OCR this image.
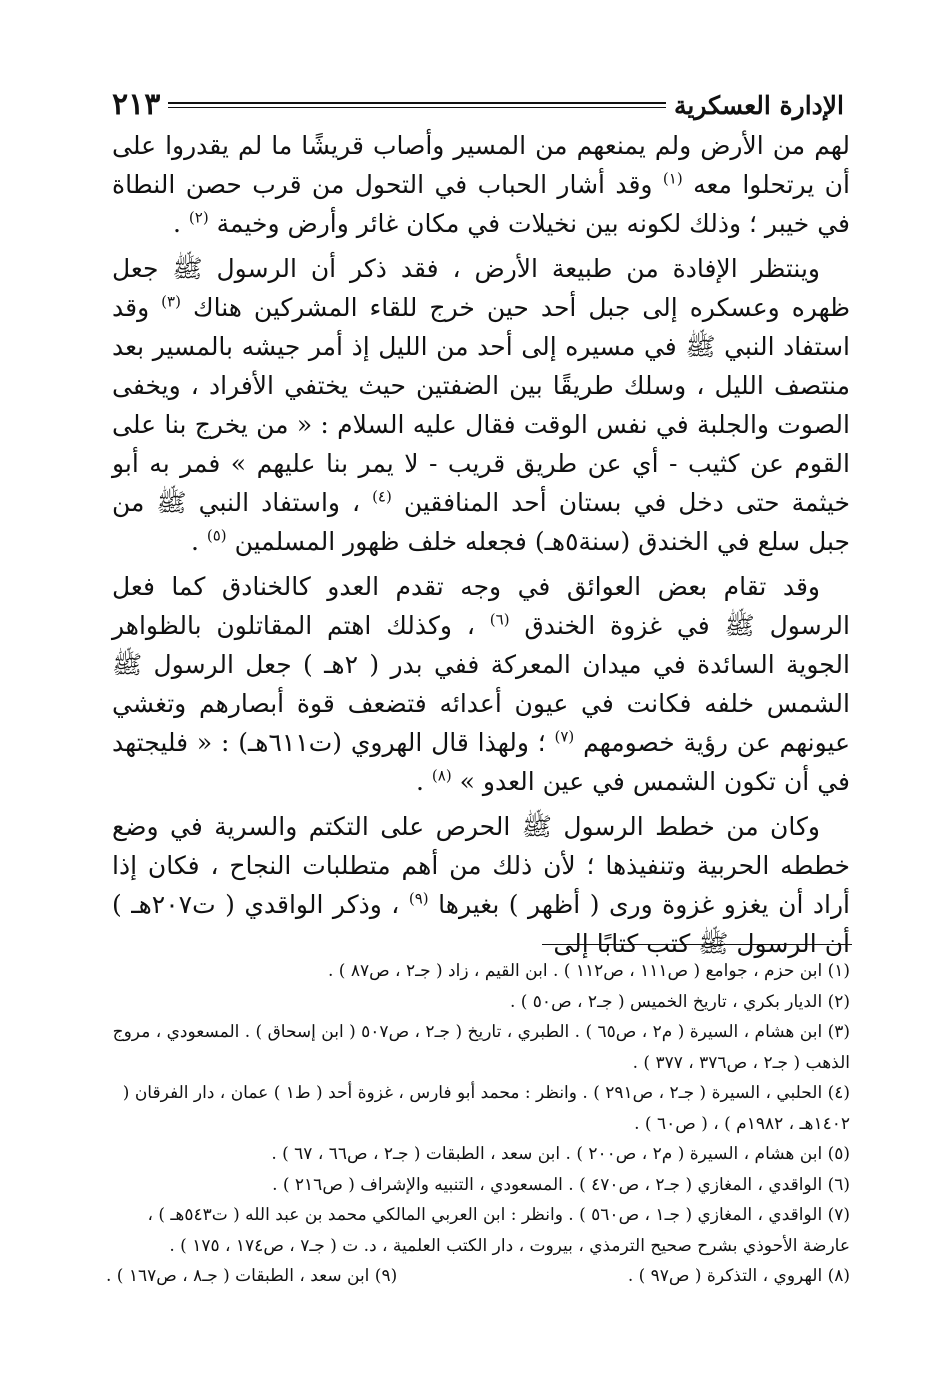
الإدارة العسكرية
٢١٣

لهم من الأرض ولم يمنعهم من المسير وأصاب قريشًا ما لم يقدروا على أن يرتحلوا معه $^{(١)}$ وقد أشار الحباب في التحول من قرب حصن النطاة في خيبر ؛ وذلك لكونه بين نخيلات في مكان غائر وأرض وخيمة $^{(٢)}$ .

وينتظر الإفادة من طبيعة الأرض ، فقد ذكر أن الرسول ﷺ جعل ظهره وعسكره إلى جبل أحد حين خرج للقاء المشركين هناك $^{(٣)}$ وقد استفاد النبي ﷺ في مسيره إلى أحد من الليل إذ أمر جيشه بالمسير بعد منتصف الليل ، وسلك طريقًا بين الضفتين حيث يختفي الأفراد ، ويخفى الصوت والجلبة في نفس الوقت فقال عليه السلام : « من يخرج بنا على القوم عن كثيب - أي عن طريق قريب - لا يمر بنا عليهم » فمر به أبو خيثمة حتى دخل في بستان أحد المنافقين $^{(٤)}$ ، واستفاد النبي ﷺ من جبل سلع في الخندق (سنة٥هـ) فجعله خلف ظهور المسلمين $^{(٥)}$ .

وقد تقام بعض العوائق في وجه تقدم العدو كالخنادق كما فعل الرسول ﷺ في غزوة الخندق $^{(٦)}$ ، وكذلك اهتم المقاتلون بالظواهر الجوية السائدة في ميدان المعركة ففي بدر ( ٢هـ ) جعل الرسول ﷺ الشمس خلفه فكانت في عيون أعدائه فتضعف قوة أبصارهم وتغشي عيونهم عن رؤية خصومهم $^{(٧)}$ ؛ ولهذا قال الهروي (ت٦١١هـ) : « فليجتهد في أن تكون الشمس في عين العدو » $^{(٨)}$ .

وكان من خطط الرسول ﷺ الحرص على التكتم والسرية في وضع خططه الحربية وتنفيذها ؛ لأن ذلك من أهم متطلبات النجاح ، فكان إذا أراد أن يغزو غزوة ورى ( أظهر ) بغيرها $^{(٩)}$ ، وذكر الواقدي ( ت٢٠٧هـ ) أن الرسول ﷺ كتب كتابًا إلى

(١) ابن حزم ، جوامع ( ص١١١ ، ص١١٢ ) . ابن القيم ، زاد ( جـ٢ ، ص٨٧ ) .

(٢) الديار بكري ، تاريخ الخميس ( جـ٢ ، ص٥٠ ) .

(٣) ابن هشام ، السيرة ( م٢ ، ص٦٥ ) . الطبري ، تاريخ ( جـ٢ ، ص٥٠٧ ( ابن إسحاق ) . المسعودي ، مروج الذهب ( جـ٢ ، ص٣٧٦ ، ٣٧٧ ) .

(٤) الحلبي ، السيرة ( جـ٢ ، ص٢٩١ ) . وانظر : محمد أبو فارس ، غزوة أحد ( ط١ ) عمان ، دار الفرقان ( ١٤٠٢هـ ، ١٩٨٢م ) ، ( ص٦٠ ) .

(٥) ابن هشام ، السيرة ( م٢ ، ص٢٠٠ ) . ابن سعد ، الطبقات ( جـ٢ ، ص٦٦ ، ٦٧ ) .

(٦) الواقدي ، المغازي ( جـ٢ ، ص٤٧٠ ) . المسعودي ، التنبيه والإشراف ( ص٢١٦ ) .

(٧) الواقدي ، المغازي ( جـ١ ، ص٥٦٠ ) . وانظر : ابن العربي المالكي محمد بن عبد الله ( ت٥٤٣هـ ) ، عارضة الأحوذي بشرح صحيح الترمذي ، بيروت ، دار الكتب العلمية ، د. ت ( جـ٧ ، ص١٧٤ ، ١٧٥ ) .

(٨) الهروي ، التذكرة ( ص٩٧ ) .
(٩) ابن سعد ، الطبقات ( جـ٨ ، ص١٦٧ ) .
